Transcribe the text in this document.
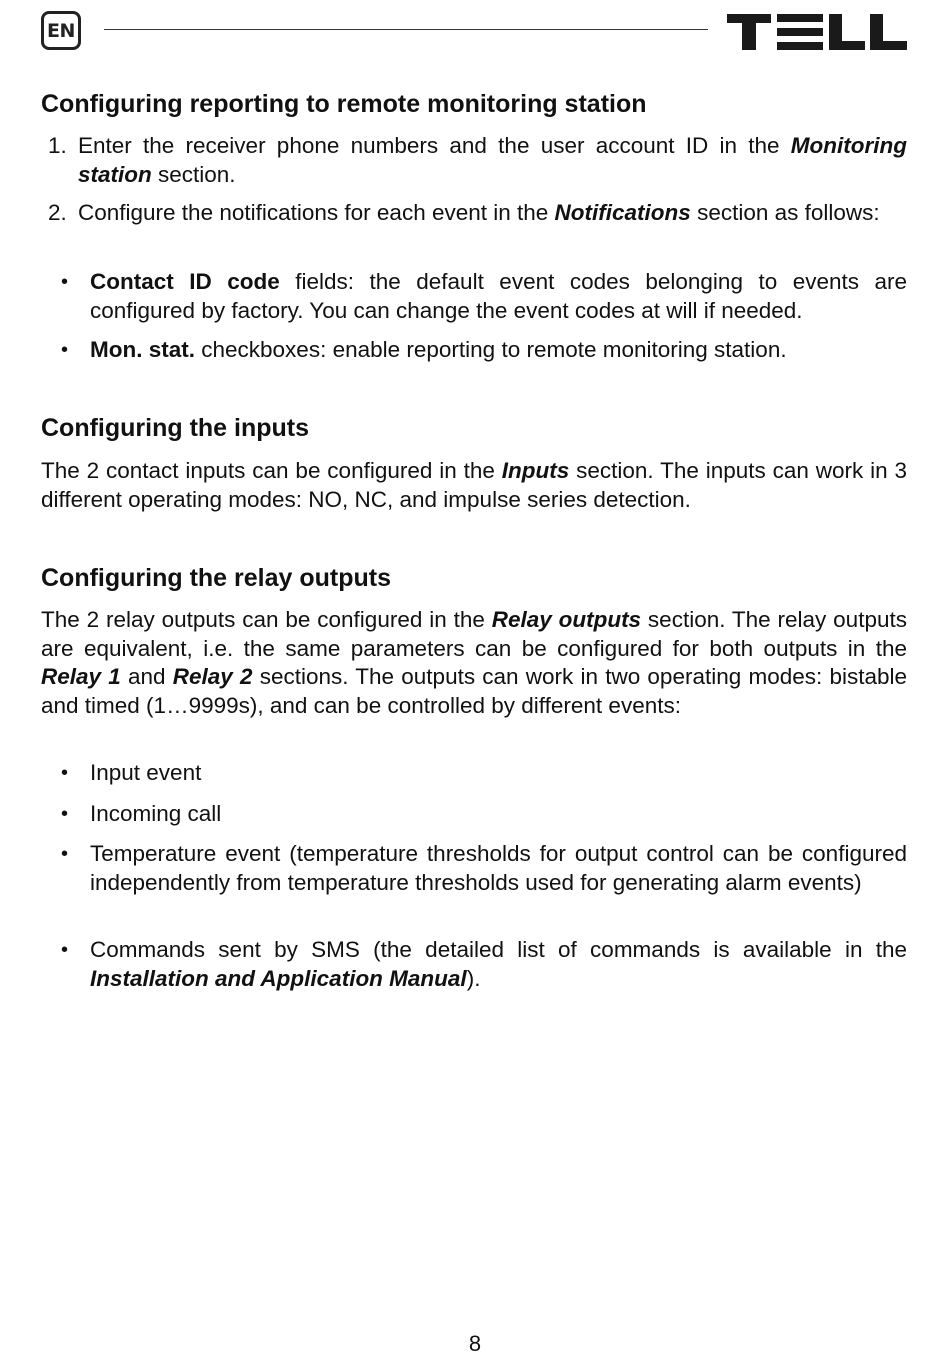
EN
Configuring reporting to remote monitoring station
1. Enter the receiver phone numbers and the user account ID in the Monitoring station section.
2. Configure the notifications for each event in the Notifications section as follows:
• Contact ID code fields: the default event codes belonging to events are configured by factory. You can change the event codes at will if needed.
• Mon. stat. checkboxes: enable reporting to remote monitoring station.
Configuring the inputs

The 2 contact inputs can be configured in the Inputs section. The inputs can work in 3 different operating modes: NO, NC, and impulse series detection.

Configuring the relay outputs

The 2 relay outputs can be configured in the Relay outputs section. The relay outputs are equivalent, i.e. the same parameters can be configured for both outputs in the Relay 1 and Relay 2 sections. The outputs can work in two operating modes: bistable and timed (1…9999s), and can be controlled by different events:

• Input event
• Incoming call
• Temperature event (temperature thresholds for output control can be configured independently from temperature thresholds used for generating alarm events)
• Commands sent by SMS (the detailed list of commands is available in the Installation and Application Manual).
8
